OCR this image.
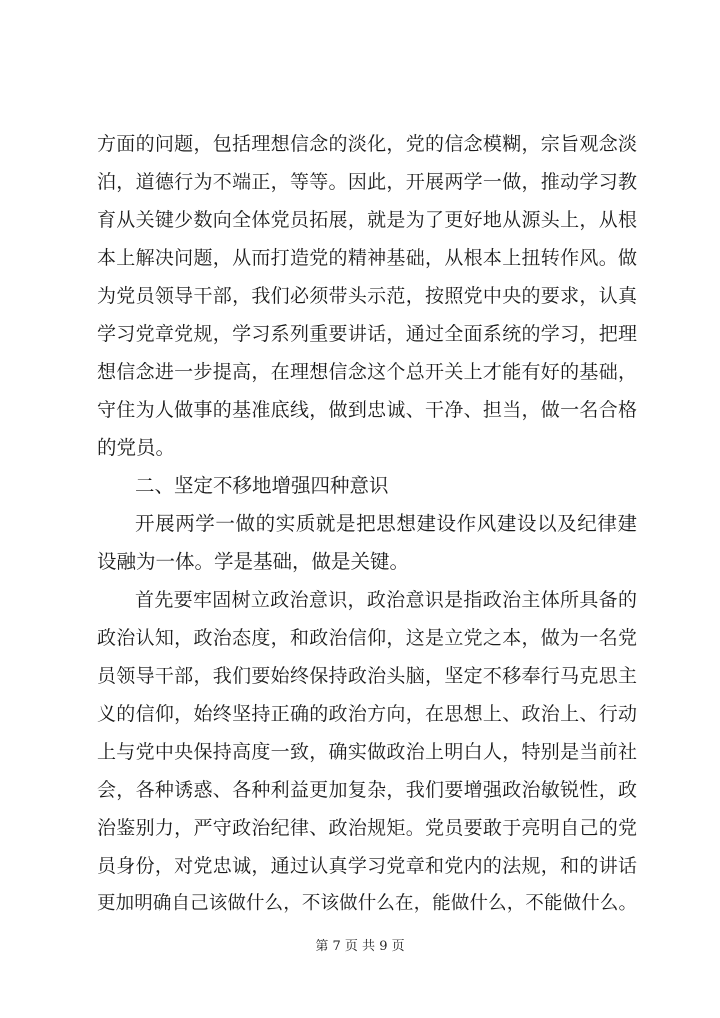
方面的问题，包括理想信念的淡化，党的信念模糊，宗旨观念淡
泊，道德行为不端正，等等。因此，开展两学一做，推动学习教
育从关键少数向全体党员拓展，就是为了更好地从源头上，从根
本上解决问题，从而打造党的精神基础，从根本上扭转作风。做
为党员领导干部，我们必须带头示范，按照党中央的要求，认真
学习党章党规，学习系列重要讲话，通过全面系统的学习，把理
想信念进一步提高，在理想信念这个总开关上才能有好的基础，
守住为人做事的基准底线，做到忠诚、干净、担当，做一名合格
的党员。
二、坚定不移地增强四种意识
开展两学一做的实质就是把思想建设作风建设以及纪律建
设融为一体。学是基础，做是关键。
首先要牢固树立政治意识，政治意识是指政治主体所具备的
政治认知，政治态度，和政治信仰，这是立党之本，做为一名党
员领导干部，我们要始终保持政治头脑，坚定不移奉行马克思主
义的信仰，始终坚持正确的政治方向，在思想上、政治上、行动
上与党中央保持高度一致，确实做政治上明白人，特别是当前社
会，各种诱惑、各种利益更加复杂，我们要增强政治敏锐性，政
治鉴别力，严守政治纪律、政治规矩。党员要敢于亮明自己的党
员身份，对党忠诚，通过认真学习党章和党内的法规，和的讲话
更加明确自己该做什么，不该做什么在，能做什么，不能做什么。
第 7 页 共 9 页
